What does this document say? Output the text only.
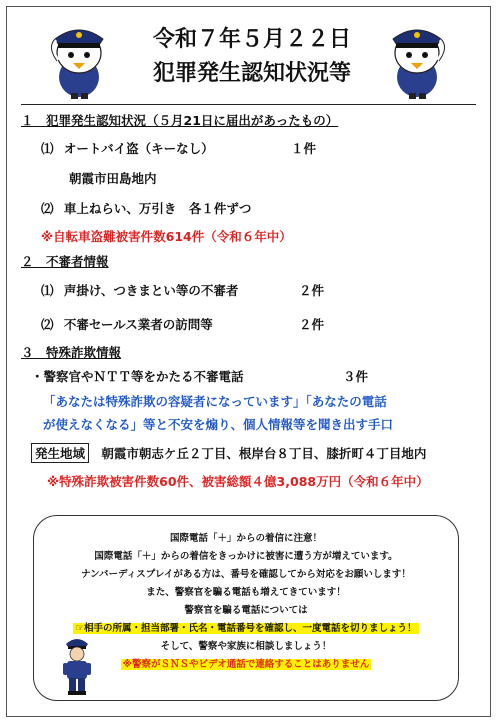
令和７年５月２２日
犯罪発生認知状況等
１　犯罪発生認知状況（５月21日に届出があったもの）
⑴ オートバイ盗（キーなし）	１件
朝霞市田島地内
⑵ 車上ねらい、万引き　各１件ずつ
※自転車盗難被害件数614件（令和６年中）
２　不審者情報
⑴ 声掛け、つきまとい等の不審者	２件
⑵ 不審セールス業者の訪問等	２件
３　特殊詐欺情報
・警察官やＮＴＴ等をかたる不審電話	３件
「あなたは特殊詐欺の容疑者になっています」「あなたの電話
が使えなくなる」等と不安を煽り、個人情報等を聞き出す手口
発生地域 朝霞市朝志ケ丘２丁目、根岸台８丁目、膝折町４丁目地内
※特殊詐欺被害件数60件、被害総額４億3,088万円（令和６年中）
国際電話「＋」からの着信に注意！
国際電話「＋」からの着信をきっかけに被害に遭う方が増えています。
ナンバーディスプレイがある方は、番号を確認してから対応をお願いします！
また、警察官を騙る電話も増えてきています！
警察官を騙る電話については
☞相手の所属・担当部署・氏名・電話番号を確認し、一度電話を切りましょう！
そして、警察や家族に相談しましょう！
※警察がＳＮＳやビデオ通話で連絡することはありません
